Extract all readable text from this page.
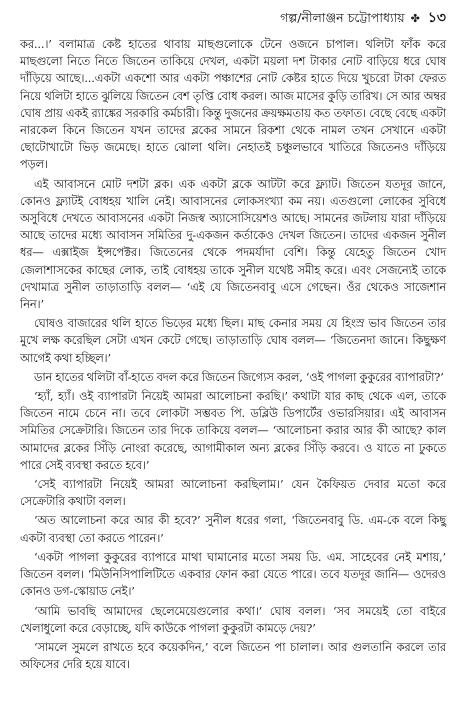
গল্প/নীলাঞ্জন চট্টোপাধ্যায় ✤ ১৩

কর...।’ বলামাত্র কেষ্ট হাতের থাবায় মাছগুলোকে টেনে ওজনে চাপাল। থলিটা ফাঁক করে মাছগুলো নিতে নিতে জিতেন তাকিয়ে দেখল, একটা ময়লা দশ টাকার নোট বাড়িয়ে ধরে ঘোষ দাঁড়িয়ে আছে।...একটা একশো আর একটা পঞ্চাশের নোট কেষ্টর হাতে দিয়ে খুচরো টাকা ফেরত নিয়ে থলিটা হাতে ঝুলিয়ে জিতেন বেশ তৃপ্তি বোধ করল। আজ মাসের কুড়ি তারিখ। সে আর অম্বর ঘোষ প্রায় একই র‍্যাঙ্কের সরকারি কর্মচারী। কিন্তু দুজনের ক্রয়ক্ষমতায় কত তফাত। বেছে বেছে একটা নারকেল কিনে জিতেন যখন তাদের ব্লকের সামনে রিকশা থেকে নামল তখন সেখানে একটা ছোটোখাটো ভিড় জমেছে। হাতে ঝোলা থলি। নেহাতই চঞ্চুলভাবে খাতিরে জিতেনও দাঁড়িয়ে পড়ল।

এই আবাসনে মোট দশটা ব্লক। এক একটা ব্লকে আটটা করে ফ্ল্যাট। জিতেন যতদূর জানে, কোনও ফ্ল্যাটই বোধহয় খালি নেই। আবাসনের লোকসংখ্যা কম নয়। এতগুলো লোকের সুবিধে অসুবিধে দেখতে আবাসনের একটা নিজস্ব অ্যাসোসিয়েশও আছে। সামনের জটলায় যারা দাঁড়িয়ে আছে তাদের মধ্যে আবাসন সমিতির দু-একজন কর্তাকেও দেখল জিতেন। তাদের একজন সুনীল ধর— এক্সাইজ ইন্সপেক্টর। জিতেনের থেকে পদমর্যাদা বেশি। কিন্তু যেহেতু জিতেন খোদ জেলাশাসকের কাছের লোক, তাই বোধহয় তাকে সুনীল যথেষ্ট সমীহ করে। এবং সেজন্যেই তাকে দেখামাত্র সুনীল তাড়াতাড়ি বলল— ‘এই যে জিতেনবাবু এসে গেছেন। ওঁর থেকেও সাজেশান নিন।’

ঘোষও বাজারের থলি হাতে ভিড়ের মধ্যে ছিল। মাছ কেনার সময় যে হিংস্র ভাব জিতেন তার মুখে লক্ষ করেছিল সেটা এখন কেটে গেছে। তাড়াতাড়ি ঘোষ বলল— ‘জিতেনদা জানে। কিছুক্ষণ আগেই কথা হচ্ছিল।’

ডান হাতের থলিটা বাঁ-হাতে বদল করে জিতেন জিগ্যেস করল, ‘ওই পাগলা কুকুরের ব্যাপারটা?’

‘হ্যাঁ, হ্যাঁ। ওই ব্যাপারটা নিয়েই আমরা আলোচনা করছি।’ কথাটা যার কাছ থেকে এল, তাকে জিতেন নামে চেনে না। তবে লোকটা সম্ভবত পি. ডব্লিউ ডিপার্টের ওভারসিয়ার। এই আবাসন সমিতির সেক্রেটারি। জিতেন তার দিকে তাকিয়ে বলল— ‘আলোচনা করার আর কী আছে? কাল আমাদের ব্লকের সিঁড়ি নোংরা করেছে, আগামীকাল অন্য ব্লকের সিঁড়ি করবে। ও যাতে না ঢুকতে পারে সেই ব্যবস্থা করতে হবে।’

‘সেই ব্যাপারটা নিয়েই আমরা আলোচনা করছিলাম।’ যেন কৈফিয়ত দেবার মতো করে সেক্রেটারি কথাটা বলল।

‘অত আলোচনা করে আর কী হবে?’ সুনীল ধরের গলা, ‘জিতেনবাবু ডি. এম-কে বলে কিছু একটা ব্যবস্থা তো করতে পারেন।’

‘একটা পাগলা কুকুরের ব্যাপারে মাথা ঘামানোর মতো সময় ডি. এম. সাহেবের নেই মশায়,’ জিতেন বলল। ‘মিউনিসিপালিটিতে একবার ফোন করা যেতে পারে। তবে যতদূর জানি— ওদেরও কোনও ডগ-স্কোয়াড নেই।’

‘আমি ভাবছি আমাদের ছেলেমেয়েগুলোর কথা।’ ঘোষ বলল। ‘সব সময়েই তো বাইরে খেলাধুলো করে বেড়াচ্ছে, যদি কাউকে পাগলা কুকুরটা কামড়ে দেয়?’

‘সামলে সুমলে রাখতে হবে কয়েকদিন,’ বলে জিতেন পা চালাল। আর গুলতানি করলে তার অফিসের দেরি হয়ে যাবে।
